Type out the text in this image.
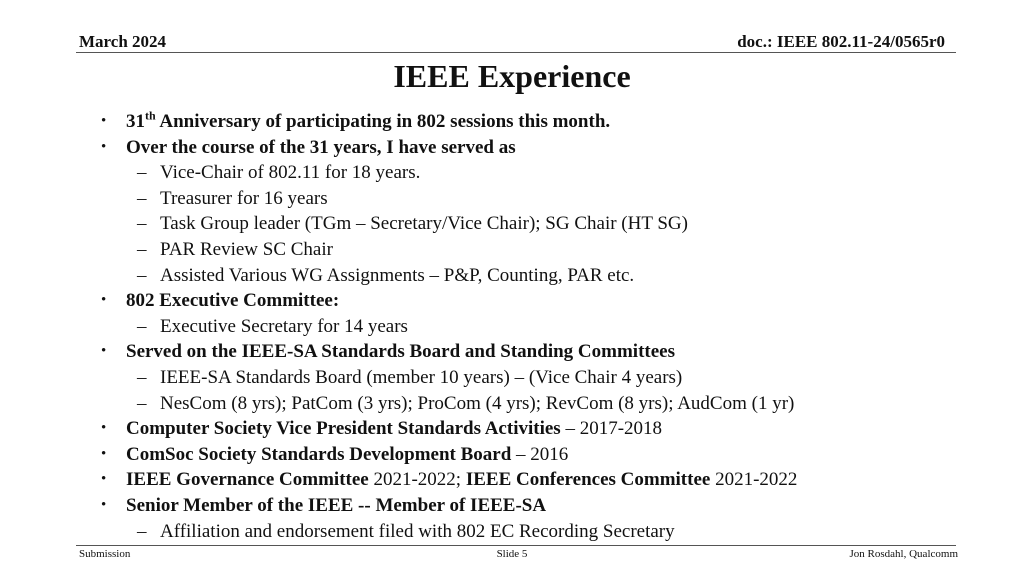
March 2024	doc.: IEEE 802.11-24/0565r0
IEEE Experience
• 31th Anniversary of participating in 802 sessions this month.
• Over the course of the 31 years, I have served as
– Vice-Chair of 802.11 for 18 years.
– Treasurer for 16 years
– Task Group leader (TGm – Secretary/Vice Chair); SG Chair (HT SG)
– PAR Review SC Chair
– Assisted Various WG Assignments – P&P, Counting, PAR etc.
• 802 Executive Committee:
– Executive Secretary for 14 years
• Served on the IEEE-SA Standards Board and Standing Committees
– IEEE-SA Standards Board (member 10 years) – (Vice Chair 4 years)
– NesCom (8 yrs); PatCom (3 yrs); ProCom (4 yrs); RevCom (8 yrs); AudCom (1 yr)
• Computer Society Vice President Standards Activities – 2017-2018
• ComSoc Society Standards Development Board – 2016
• IEEE Governance Committee 2021-2022; IEEE Conferences Committee 2021-2022
• Senior Member of the IEEE -- Member of IEEE-SA
– Affiliation and endorsement filed with 802 EC Recording Secretary
Submission	Slide 5	Jon Rosdahl, Qualcomm
